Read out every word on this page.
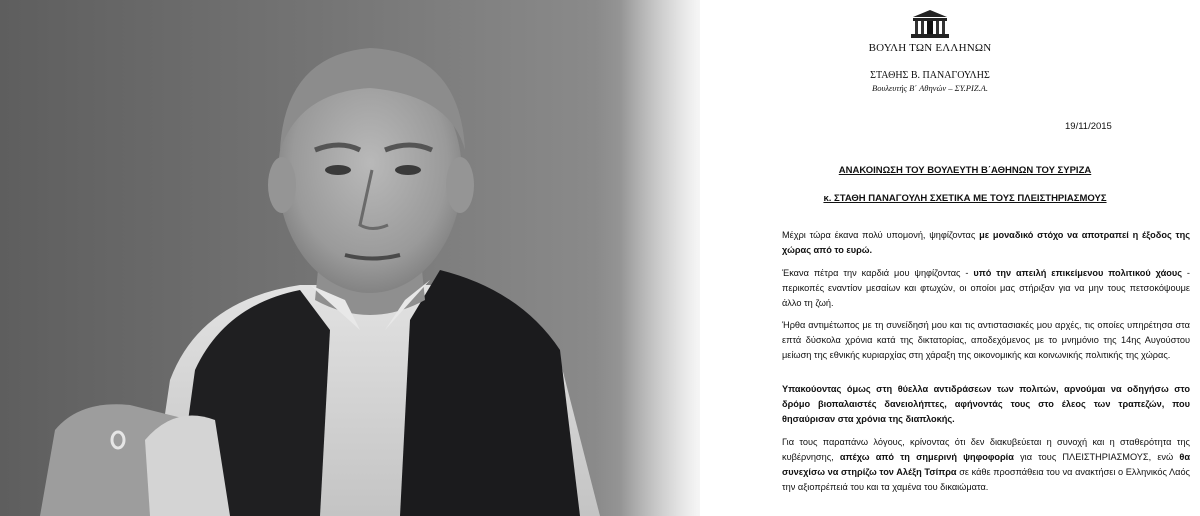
ΒΟΥΛΗ ΤΩΝ ΕΛΛΗΝΩΝ
ΣΤΑΘΗΣ Β. ΠΑΝΑΓΟΥΛΗΣ
Βουλευτής Β΄ Αθηνών – ΣΥ.ΡΙΖ.Α.
19/11/2015
ΑΝΑΚΟΙΝΩΣΗ ΤΟΥ ΒΟΥΛΕΥΤΗ Β΄ΑΘΗΝΩΝ ΤΟΥ ΣΥΡΙΖΑ
κ. ΣΤΑΘΗ ΠΑΝΑΓΟΥΛΗ ΣΧΕΤΙΚΑ ΜΕ ΤΟΥΣ ΠΛΕΙΣΤΗΡΙΑΣΜΟΥΣ
Μέχρι τώρα έκανα πολύ υπομονή, ψηφίζοντας με μοναδικό στόχο να αποτραπεί η έξοδος της χώρας από το ευρώ.
Έκανα πέτρα την καρδιά μου ψηφίζοντας - υπό την απειλή επικείμενου πολιτικού χάους - περικοπές εναντίον μεσαίων και φτωχών, οι οποίοι μας στήριξαν για να μην τους πετσοκόψουμε άλλο τη ζωή.
Ήρθα αντιμέτωπος με τη συνείδησή μου και τις αντιστασιακές μου αρχές, τις οποίες υπηρέτησα στα επτά δύσκολα χρόνια κατά της δικτατορίας, αποδεχόμενος με το μνημόνιο της 14ης Αυγούστου μείωση της εθνικής κυριαρχίας στη χάραξη της οικονομικής και κοινωνικής πολιτικής της χώρας.
Υπακούοντας όμως στη θύελλα αντιδράσεων των πολιτών, αρνούμαι να οδηγήσω στο δρόμο βιοπαλαιστές δανειολήπτες, αφήνοντάς τους στο έλεος των τραπεζών, που θησαύρισαν στα χρόνια της διαπλοκής.
Για τους παραπάνω λόγους, κρίνοντας ότι δεν διακυβεύεται η συνοχή και η σταθερότητα της κυβέρνησης, απέχω από τη σημερινή ψηφοφορία για τους ΠΛΕΙΣΤΗΡΙΑΣΜΟΥΣ, ενώ θα συνεχίσω να στηρίζω τον Αλέξη Τσίπρα σε κάθε προσπάθεια του να ανακτήσει ο Ελληνικός Λαός την αξιοπρέπειά του και τα χαμένα του δικαιώματα.
